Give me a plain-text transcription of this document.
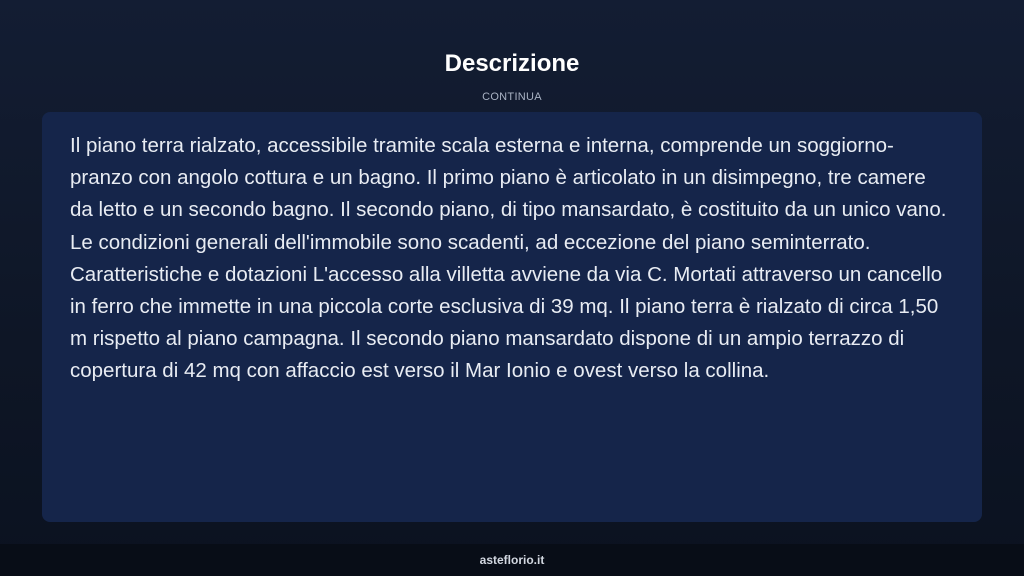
Descrizione
CONTINUA

Il piano terra rialzato, accessibile tramite scala esterna e interna, comprende un soggiorno-pranzo con angolo cottura e un bagno. Il primo piano è articolato in un disimpegno, tre camere da letto e un secondo bagno. Il secondo piano, di tipo mansardato, è costituito da un unico vano. Le condizioni generali dell'immobile sono scadenti, ad eccezione del piano seminterrato. Caratteristiche e dotazioni L'accesso alla villetta avviene da via C. Mortati attraverso un cancello in ferro che immette in una piccola corte esclusiva di 39 mq. Il piano terra è rialzato di circa 1,50 m rispetto al piano campagna. Il secondo piano mansardato dispone di un ampio terrazzo di copertura di 42 mq con affaccio est verso il Mar Ionio e ovest verso la collina.

asteflorio.it
